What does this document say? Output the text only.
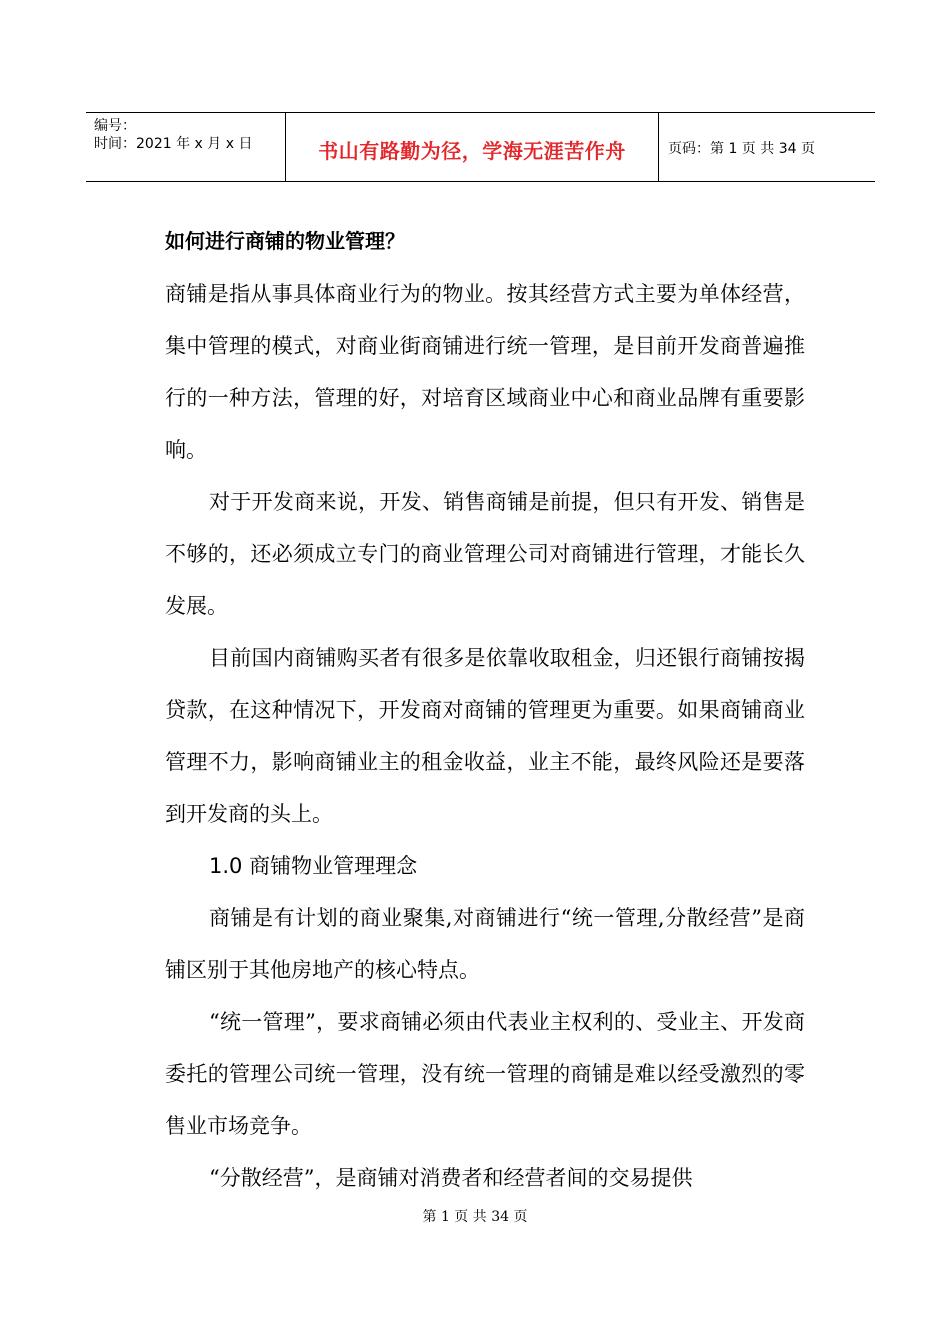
编号：
时间：2021 年 x 月 x 日	书山有路勤为径，学海无涯苦作舟	页码：第 1 页 共 34 页
如何进行商铺的物业管理？

商铺是指从事具体商业行为的物业。按其经营方式主要为单体经营，集中管理的模式，对商业街商铺进行统一管理，是目前开发商普遍推行的一种方法，管理的好，对培育区域商业中心和商业品牌有重要影响。

对于开发商来说，开发、销售商铺是前提，但只有开发、销售是不够的，还必须成立专门的商业管理公司对商铺进行管理，才能长久发展。

目前国内商铺购买者有很多是依靠收取租金，归还银行商铺按揭贷款，在这种情况下，开发商对商铺的管理更为重要。如果商铺商业管理不力，影响商铺业主的租金收益，业主不能，最终风险还是要落到开发商的头上。

1.0 商铺物业管理理念

商铺是有计划的商业聚集,对商铺进行“统一管理,分散经营”是商铺区别于其他房地产的核心特点。

“统一管理”，要求商铺必须由代表业主权利的、受业主、开发商委托的管理公司统一管理，没有统一管理的商铺是难以经受激烈的零售业市场竞争。

“分散经营”，是商铺对消费者和经营者间的交易提供

第 1 页 共 34 页
